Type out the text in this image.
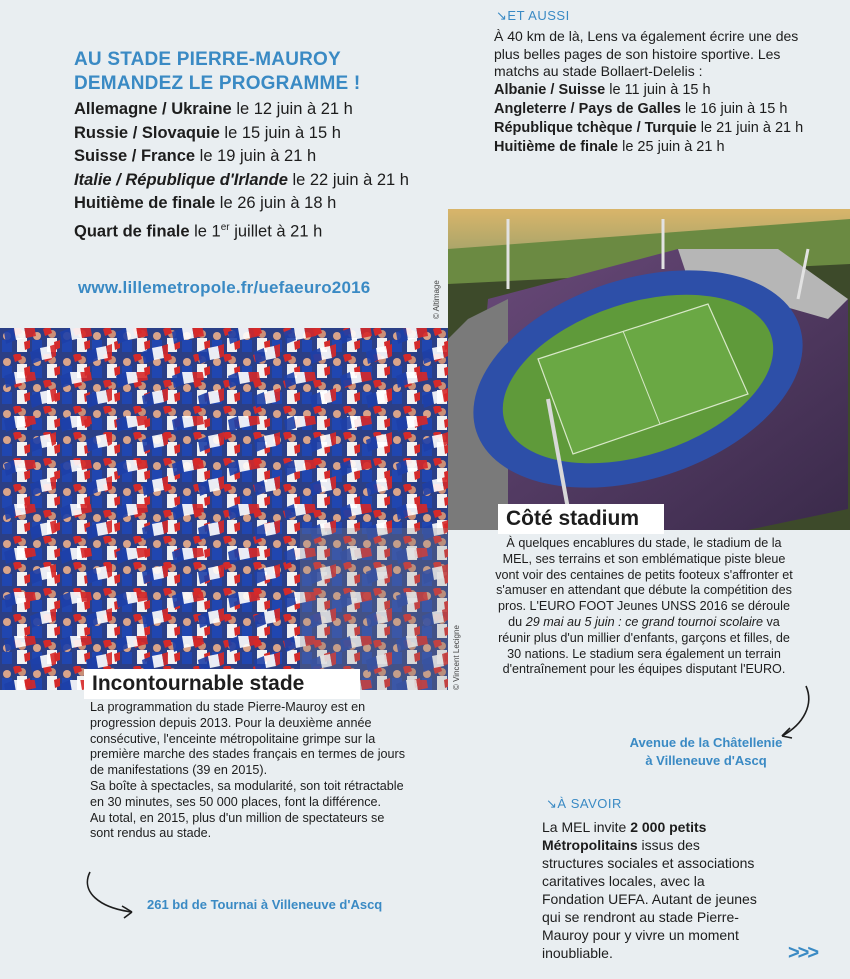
AU STADE PIERRE-MAUROY
DEMANDEZ LE PROGRAMME !
Allemagne / Ukraine le 12 juin à 21 h
Russie / Slovaquie le 15 juin à 15 h
Suisse / France le 19 juin à 21 h
Italie / République d'Irlande le 22 juin à 21 h
Huitième de finale le 26 juin à 18 h
Quart de finale le 1er juillet à 21 h
www.lillemetropole.fr/uefaeuro2016
↘ET AUSSI
À 40 km de là, Lens va également écrire une des plus belles pages de son histoire sportive. Les matchs au stade Bollaert-Delelis :
Albanie / Suisse le 11 juin à 15 h
Angleterre / Pays de Galles le 16 juin à 15 h
République tchèque / Turquie le 21 juin à 21 h
Huitième de finale le 25 juin à 21 h
© Altimage
© Vincent Lecigne
Côté stadium
À quelques encablures du stade, le stadium de la MEL, ses terrains et son emblématique piste bleue vont voir des centaines de petits footeux s'affronter et s'amuser en attendant que débute la compétition des pros. L'EURO FOOT Jeunes UNSS 2016 se déroule du 29 mai au 5 juin : ce grand tournoi scolaire va réunir plus d'un millier d'enfants, garçons et filles, de 30 nations. Le stadium sera également un terrain d'entraînement pour les équipes disputant l'EURO.
Avenue de la Châtellenie
à Villeneuve d'Ascq
Incontournable stade
La programmation du stade Pierre-Mauroy est en progression depuis 2013. Pour la deuxième année consécutive, l'enceinte métropolitaine grimpe sur la première marche des stades français en termes de jours de manifestations (39 en 2015).
Sa boîte à spectacles, sa modularité, son toit rétractable en 30 minutes, ses 50 000 places, font la différence.
Au total, en 2015, plus d'un million de spectateurs se sont rendus au stade.
261 bd de Tournai à Villeneuve d'Ascq
↘À SAVOIR
La MEL invite 2 000 petits Métropolitains issus des structures sociales et associations caritatives locales, avec la Fondation UEFA. Autant de jeunes qui se rendront au stade Pierre-Mauroy pour y vivre un moment inoubliable.	>>>
